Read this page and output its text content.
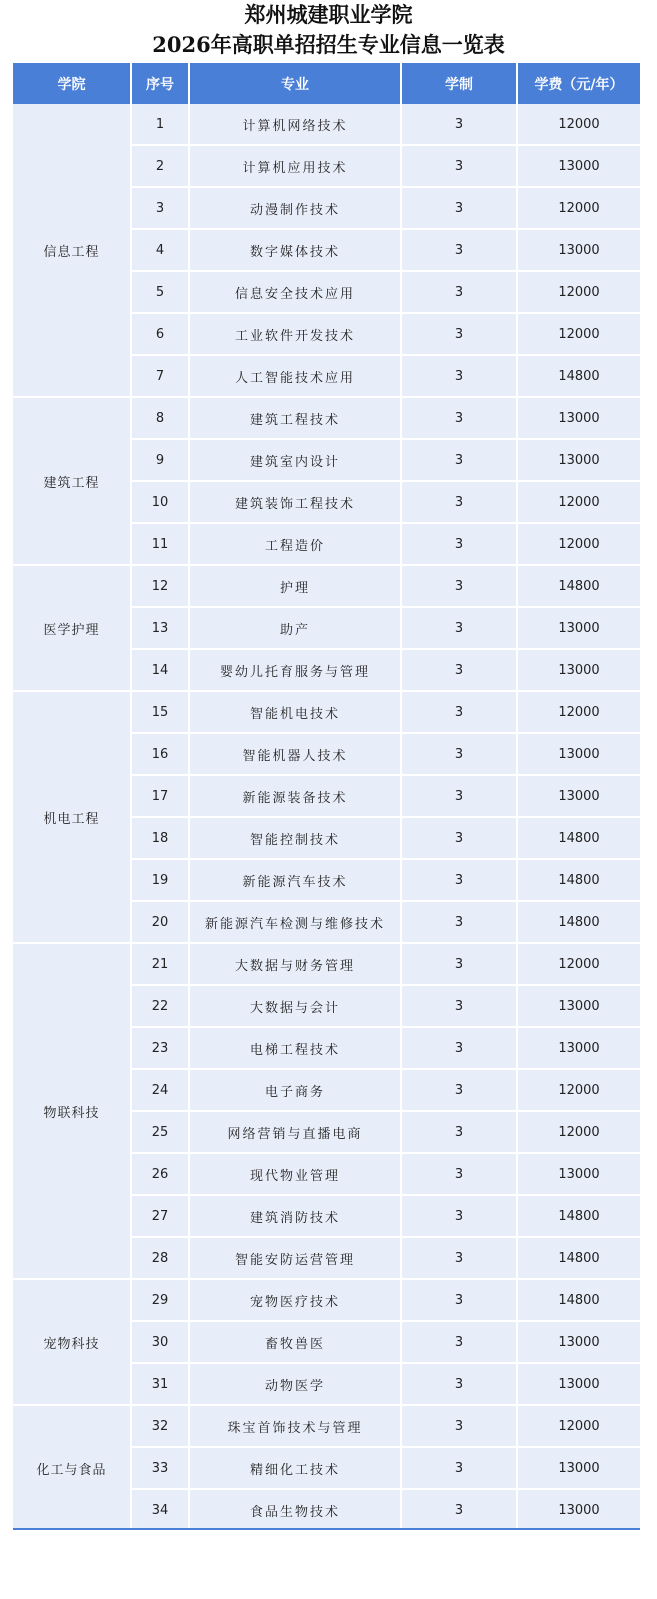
郑州城建职业学院
2026年高职单招招生专业信息一览表
学院	序号	专业	学制	学费（元/年）
信息工程	1	计算机网络技术	3	12000
	2	计算机应用技术	3	13000
	3	动漫制作技术	3	12000
	4	数字媒体技术	3	13000
	5	信息安全技术应用	3	12000
	6	工业软件开发技术	3	12000
	7	人工智能技术应用	3	14800
建筑工程	8	建筑工程技术	3	13000
	9	建筑室内设计	3	13000
	10	建筑装饰工程技术	3	12000
	11	工程造价	3	12000
医学护理	12	护理	3	14800
	13	助产	3	13000
	14	婴幼儿托育服务与管理	3	13000
机电工程	15	智能机电技术	3	12000
	16	智能机器人技术	3	13000
	17	新能源装备技术	3	13000
	18	智能控制技术	3	14800
	19	新能源汽车技术	3	14800
	20	新能源汽车检测与维修技术	3	14800
物联科技	21	大数据与财务管理	3	12000
	22	大数据与会计	3	13000
	23	电梯工程技术	3	13000
	24	电子商务	3	12000
	25	网络营销与直播电商	3	12000
	26	现代物业管理	3	13000
	27	建筑消防技术	3	14800
	28	智能安防运营管理	3	14800
宠物科技	29	宠物医疗技术	3	14800
	30	畜牧兽医	3	13000
	31	动物医学	3	13000
化工与食品	32	珠宝首饰技术与管理	3	12000
	33	精细化工技术	3	13000
	34	食品生物技术	3	13000
